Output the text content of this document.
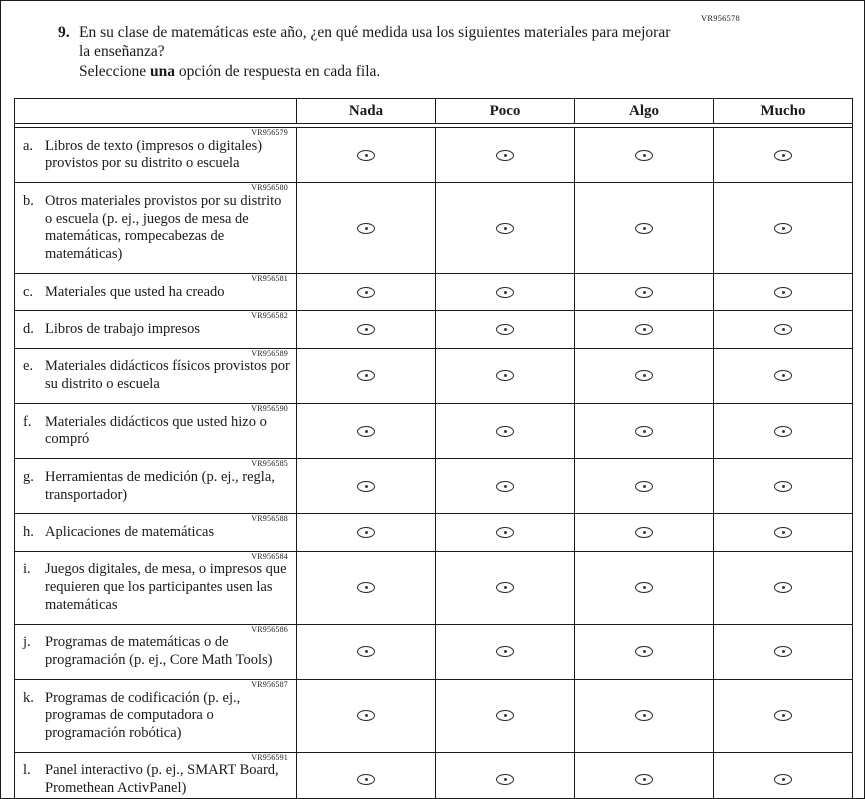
VR956578
9. En su clase de matemáticas este año, ¿en qué medida usa los siguientes materiales para mejorar la enseñanza?
Seleccione una opción de respuesta en cada fila.
	Nada	Poco	Algo	Mucho

VR956579
a. Libros de texto (impresos o digitales) provistos por su distrito o escuela				

VR956580
b. Otros materiales provistos por su distrito o escuela (p. ej., juegos de mesa de matemáticas, rompecabezas de matemáticas)				

VR956581
c. Materiales que usted ha creado				

VR956582
d. Libros de trabajo impresos				

VR956589
e. Materiales didácticos físicos provistos por su distrito o escuela				

VR956590
f. Materiales didácticos que usted hizo o compró				

VR956585
g. Herramientas de medición (p. ej., regla, transportador)				

VR956588
h. Aplicaciones de matemáticas				

VR956584
i. Juegos digitales, de mesa, o impresos que requieren que los participantes usen las matemáticas				

VR956586
j. Programas de matemáticas o de programación (p. ej., Core Math Tools)				

VR956587
k. Programas de codificación (p. ej., programas de computadora o programación robótica)				

VR956591
l. Panel interactivo (p. ej., SMART Board, Promethean ActivPanel)				
